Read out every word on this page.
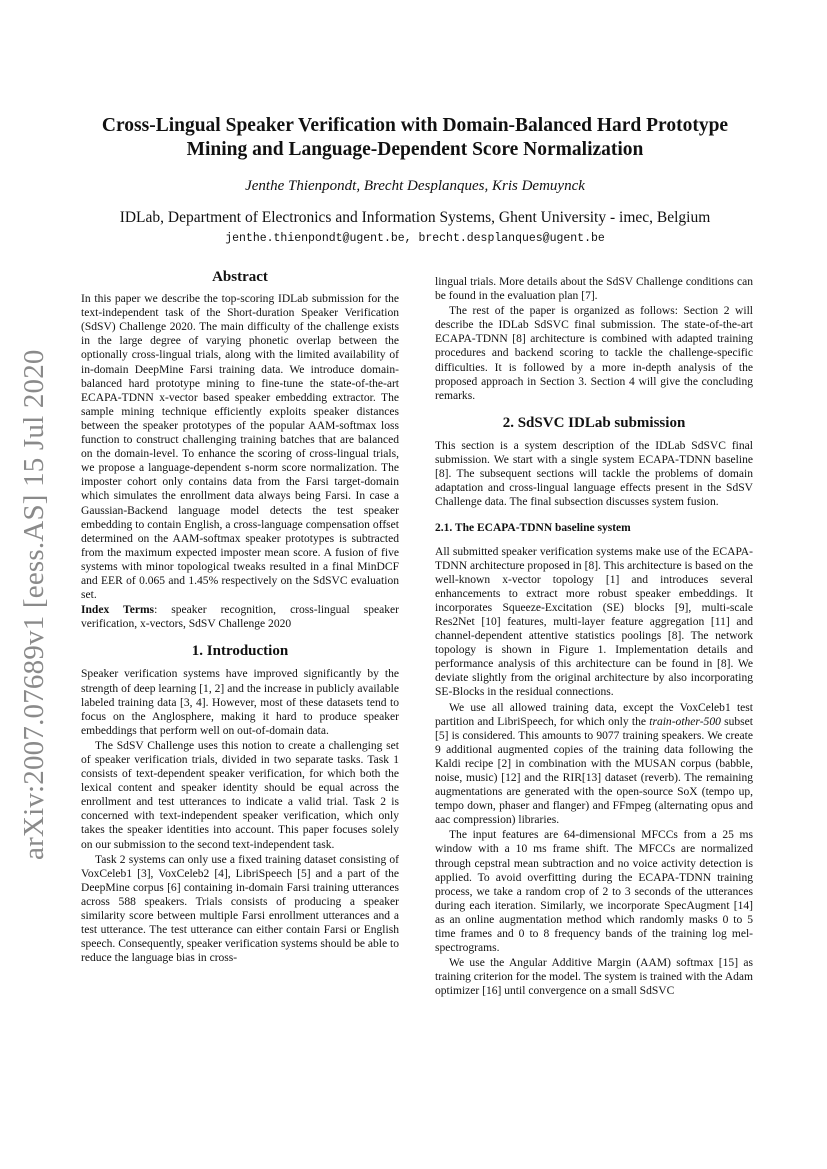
arXiv:2007.07689v1 [eess.AS] 15 Jul 2020
Cross-Lingual Speaker Verification with Domain-Balanced Hard Prototype
Mining and Language-Dependent Score Normalization

Jenthe Thienpondt, Brecht Desplanques, Kris Demuynck

IDLab, Department of Electronics and Information Systems, Ghent University - imec, Belgium

jenthe.thienpondt@ugent.be, brecht.desplanques@ugent.be

Abstract

In this paper we describe the top-scoring IDLab submission for the text-independent task of the Short-duration Speaker Verification (SdSV) Challenge 2020. The main difficulty of the challenge exists in the large degree of varying phonetic overlap between the optionally cross-lingual trials, along with the limited availability of in-domain DeepMine Farsi training data. We introduce domain-balanced hard prototype mining to fine-tune the state-of-the-art ECAPA-TDNN x-vector based speaker embedding extractor. The sample mining technique efficiently exploits speaker distances between the speaker prototypes of the popular AAM-softmax loss function to construct challenging training batches that are balanced on the domain-level. To enhance the scoring of cross-lingual trials, we propose a language-dependent s-norm score normalization. The imposter cohort only contains data from the Farsi target-domain which simulates the enrollment data always being Farsi. In case a Gaussian-Backend language model detects the test speaker embedding to contain English, a cross-language compensation offset determined on the AAM-softmax speaker prototypes is subtracted from the maximum expected imposter mean score. A fusion of five systems with minor topological tweaks resulted in a final MinDCF and EER of 0.065 and 1.45% respectively on the SdSVC evaluation set.

Index Terms: speaker recognition, cross-lingual speaker verification, x-vectors, SdSV Challenge 2020

1. Introduction

Speaker verification systems have improved significantly by the strength of deep learning [1, 2] and the increase in publicly available labeled training data [3, 4]. However, most of these datasets tend to focus on the Anglosphere, making it hard to produce speaker embeddings that perform well on out-of-domain data.

The SdSV Challenge uses this notion to create a challenging set of speaker verification trials, divided in two separate tasks. Task 1 consists of text-dependent speaker verification, for which both the lexical content and speaker identity should be equal across the enrollment and test utterances to indicate a valid trial. Task 2 is concerned with text-independent speaker verification, which only takes the speaker identities into account. This paper focuses solely on our submission to the second text-independent task.

Task 2 systems can only use a fixed training dataset consisting of VoxCeleb1 [3], VoxCeleb2 [4], LibriSpeech [5] and a part of the DeepMine corpus [6] containing in-domain Farsi training utterances across 588 speakers. Trials consists of producing a speaker similarity score between multiple Farsi enrollment utterances and a test utterance. The test utterance can either contain Farsi or English speech. Consequently, speaker verification systems should be able to reduce the language bias in cross-

lingual trials. More details about the SdSV Challenge conditions can be found in the evaluation plan [7].

The rest of the paper is organized as follows: Section 2 will describe the IDLab SdSVC final submission. The state-of-the-art ECAPA-TDNN [8] architecture is combined with adapted training procedures and backend scoring to tackle the challenge-specific difficulties. It is followed by a more in-depth analysis of the proposed approach in Section 3. Section 4 will give the concluding remarks.

2. SdSVC IDLab submission

This section is a system description of the IDLab SdSVC final submission. We start with a single system ECAPA-TDNN baseline [8]. The subsequent sections will tackle the problems of domain adaptation and cross-lingual language effects present in the SdSV Challenge data. The final subsection discusses system fusion.

2.1. The ECAPA-TDNN baseline system

All submitted speaker verification systems make use of the ECAPA-TDNN architecture proposed in [8]. This architecture is based on the well-known x-vector topology [1] and introduces several enhancements to extract more robust speaker embeddings. It incorporates Squeeze-Excitation (SE) blocks [9], multi-scale Res2Net [10] features, multi-layer feature aggregation [11] and channel-dependent attentive statistics poolings [8]. The network topology is shown in Figure 1. Implementation details and performance analysis of this architecture can be found in [8]. We deviate slightly from the original architecture by also incorporating SE-Blocks in the residual connections.

We use all allowed training data, except the VoxCeleb1 test partition and LibriSpeech, for which only the train-other-500 subset [5] is considered. This amounts to 9077 training speakers. We create 9 additional augmented copies of the training data following the Kaldi recipe [2] in combination with the MUSAN corpus (babble, noise, music) [12] and the RIR[13] dataset (reverb). The remaining augmentations are generated with the open-source SoX (tempo up, tempo down, phaser and flanger) and FFmpeg (alternating opus and aac compression) libraries.

The input features are 64-dimensional MFCCs from a 25 ms window with a 10 ms frame shift. The MFCCs are normalized through cepstral mean subtraction and no voice activity detection is applied. To avoid overfitting during the ECAPA-TDNN training process, we take a random crop of 2 to 3 seconds of the utterances during each iteration. Similarly, we incorporate SpecAugment [14] as an online augmentation method which randomly masks 0 to 5 time frames and 0 to 8 frequency bands of the training log mel-spectrograms.

We use the Angular Additive Margin (AAM) softmax [15] as training criterion for the model. The system is trained with the Adam optimizer [16] until convergence on a small SdSVC
